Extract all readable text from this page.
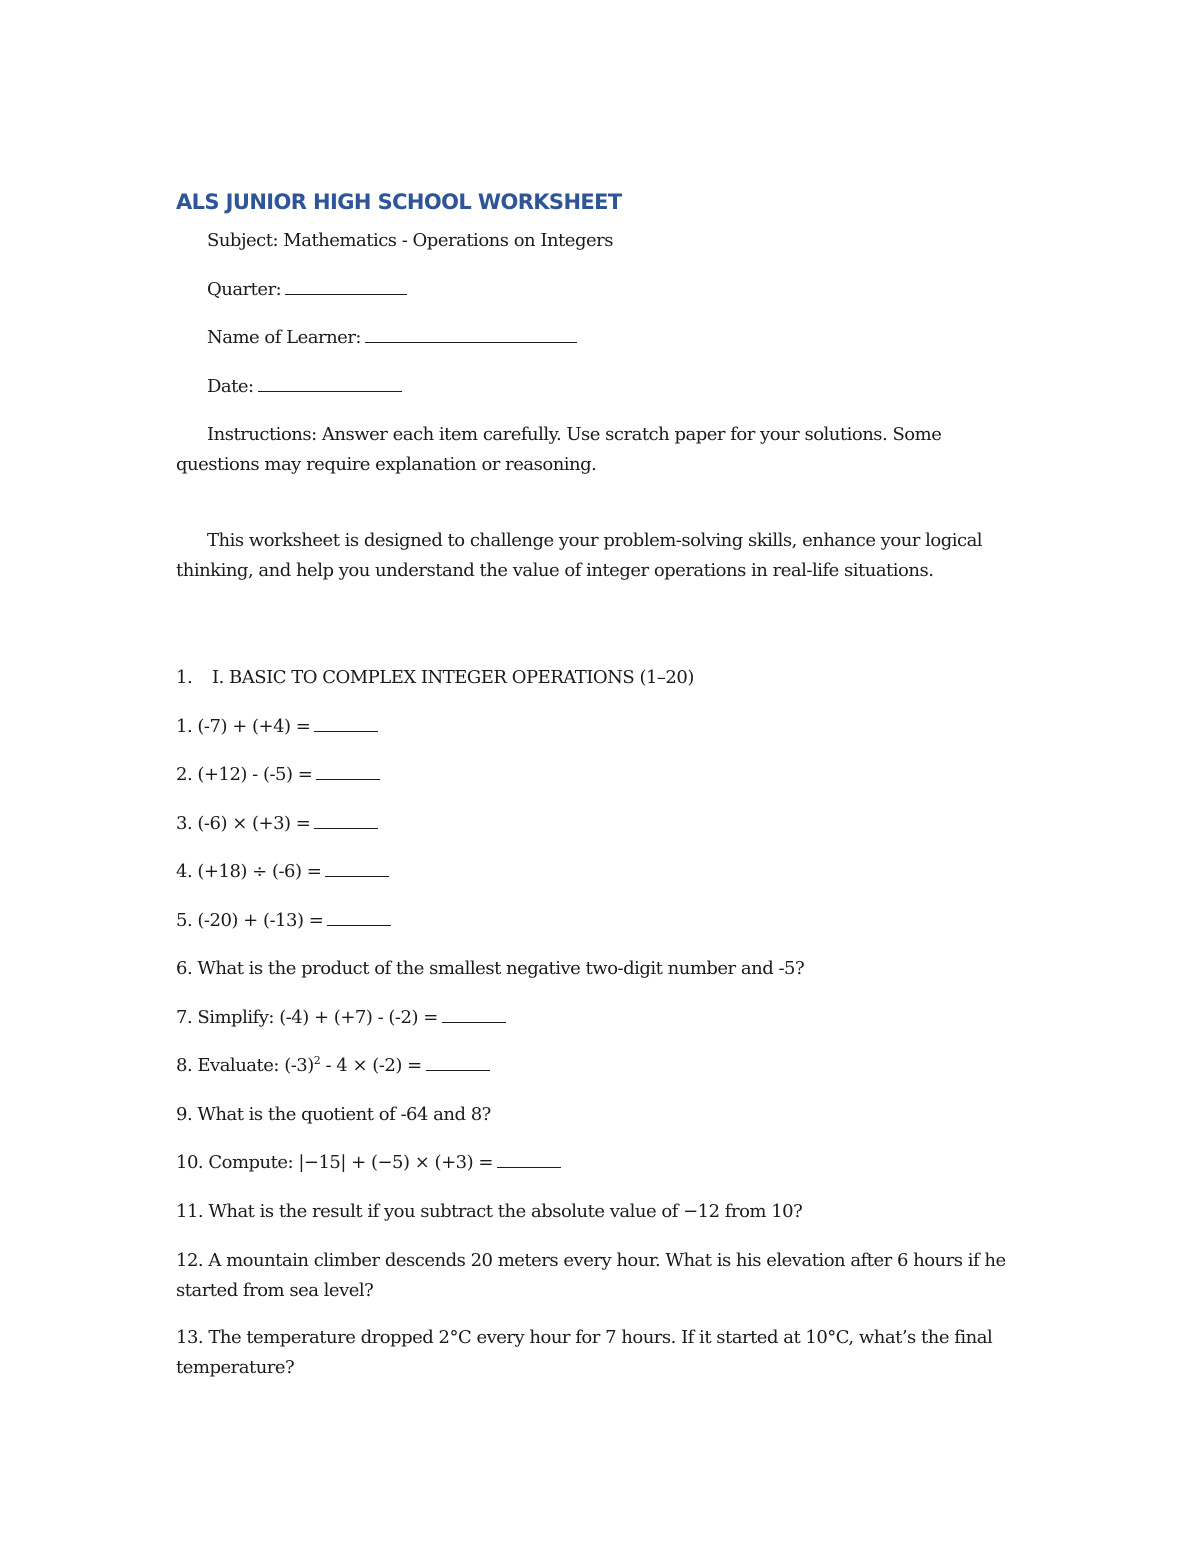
ALS JUNIOR HIGH SCHOOL WORKSHEET
Subject: Mathematics - Operations on Integers
Quarter:
Name of Learner:
Date:
Instructions: Answer each item carefully. Use scratch paper for your solutions. Some questions may require explanation or reasoning.
This worksheet is designed to challenge your problem-solving skills, enhance your logical thinking, and help you understand the value of integer operations in real-life situations.
1. I. BASIC TO COMPLEX INTEGER OPERATIONS (1–20)
1. (-7) + (+4) =
2. (+12) - (-5) =
3. (-6) × (+3) =
4. (+18) ÷ (-6) =
5. (-20) + (-13) =
6. What is the product of the smallest negative two-digit number and -5?
7. Simplify: (-4) + (+7) - (-2) =
8. Evaluate: $(-3)^2 - 4 \times (-2)$ =
9. What is the quotient of -64 and 8?
10. Compute: |−15| + (−5) × (+3) =
11. What is the result if you subtract the absolute value of −12 from 10?
12. A mountain climber descends 20 meters every hour. What is his elevation after 6 hours if he started from sea level?
13. The temperature dropped 2°C every hour for 7 hours. If it started at 10°C, what’s the final temperature?
